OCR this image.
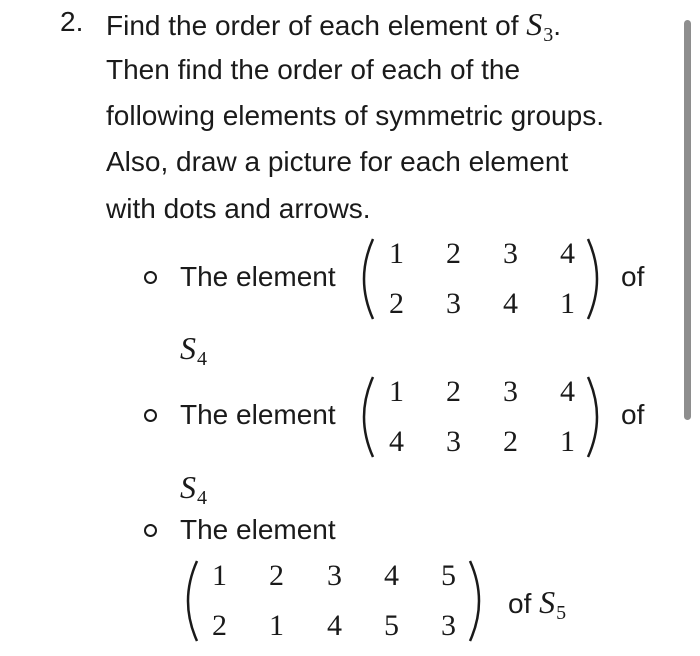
2. Find the order of each element of S3.
Then find the order of each of the
following elements of symmetric groups.
Also, draw a picture for each element
with dots and arrows.
The element
1 2 3 4
2 3 4 1
of
S4
The element
1 2 3 4
4 3 2 1
of
S4
The element
1 2 3 4 5
2 1 4 5 3
of S5
